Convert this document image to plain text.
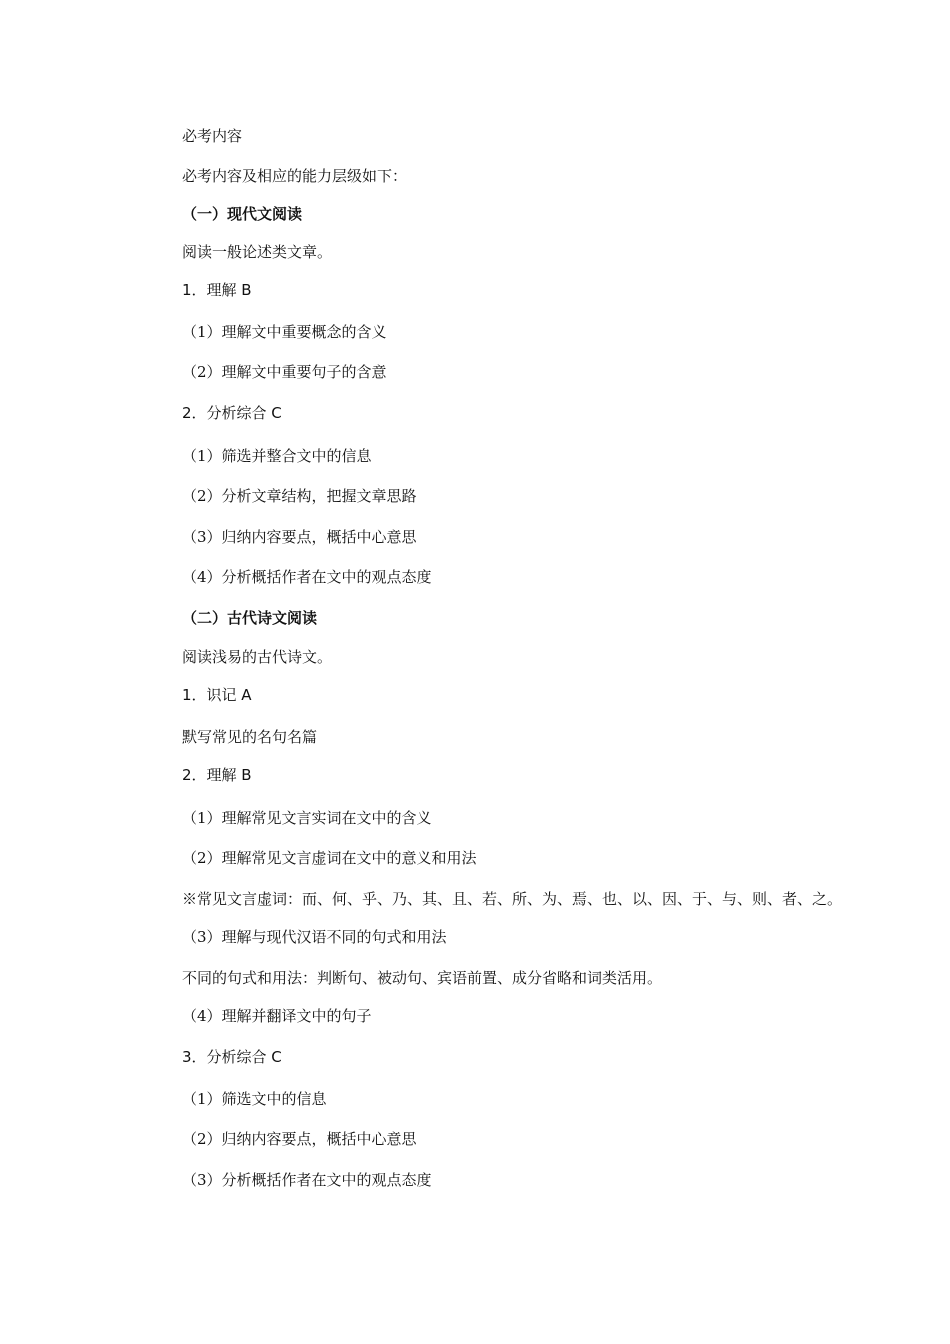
必考内容
必考内容及相应的能力层级如下：
（一）现代文阅读
阅读一般论述类文章。
1．理解 B
（1）理解文中重要概念的含义
（2）理解文中重要句子的含意
2．分析综合 C
（1）筛选并整合文中的信息
（2）分析文章结构，把握文章思路
（3）归纳内容要点，概括中心意思
（4）分析概括作者在文中的观点态度
（二）古代诗文阅读
阅读浅易的古代诗文。
1．识记 A
默写常见的名句名篇
2．理解 B
（1）理解常见文言实词在文中的含义
（2）理解常见文言虚词在文中的意义和用法
※常见文言虚词：而、何、乎、乃、其、且、若、所、为、焉、也、以、因、于、与、则、者、之。
（3）理解与现代汉语不同的句式和用法
不同的句式和用法：判断句、被动句、宾语前置、成分省略和词类活用。
（4）理解并翻译文中的句子
3．分析综合 C
（1）筛选文中的信息
（2）归纳内容要点，概括中心意思
（3）分析概括作者在文中的观点态度
